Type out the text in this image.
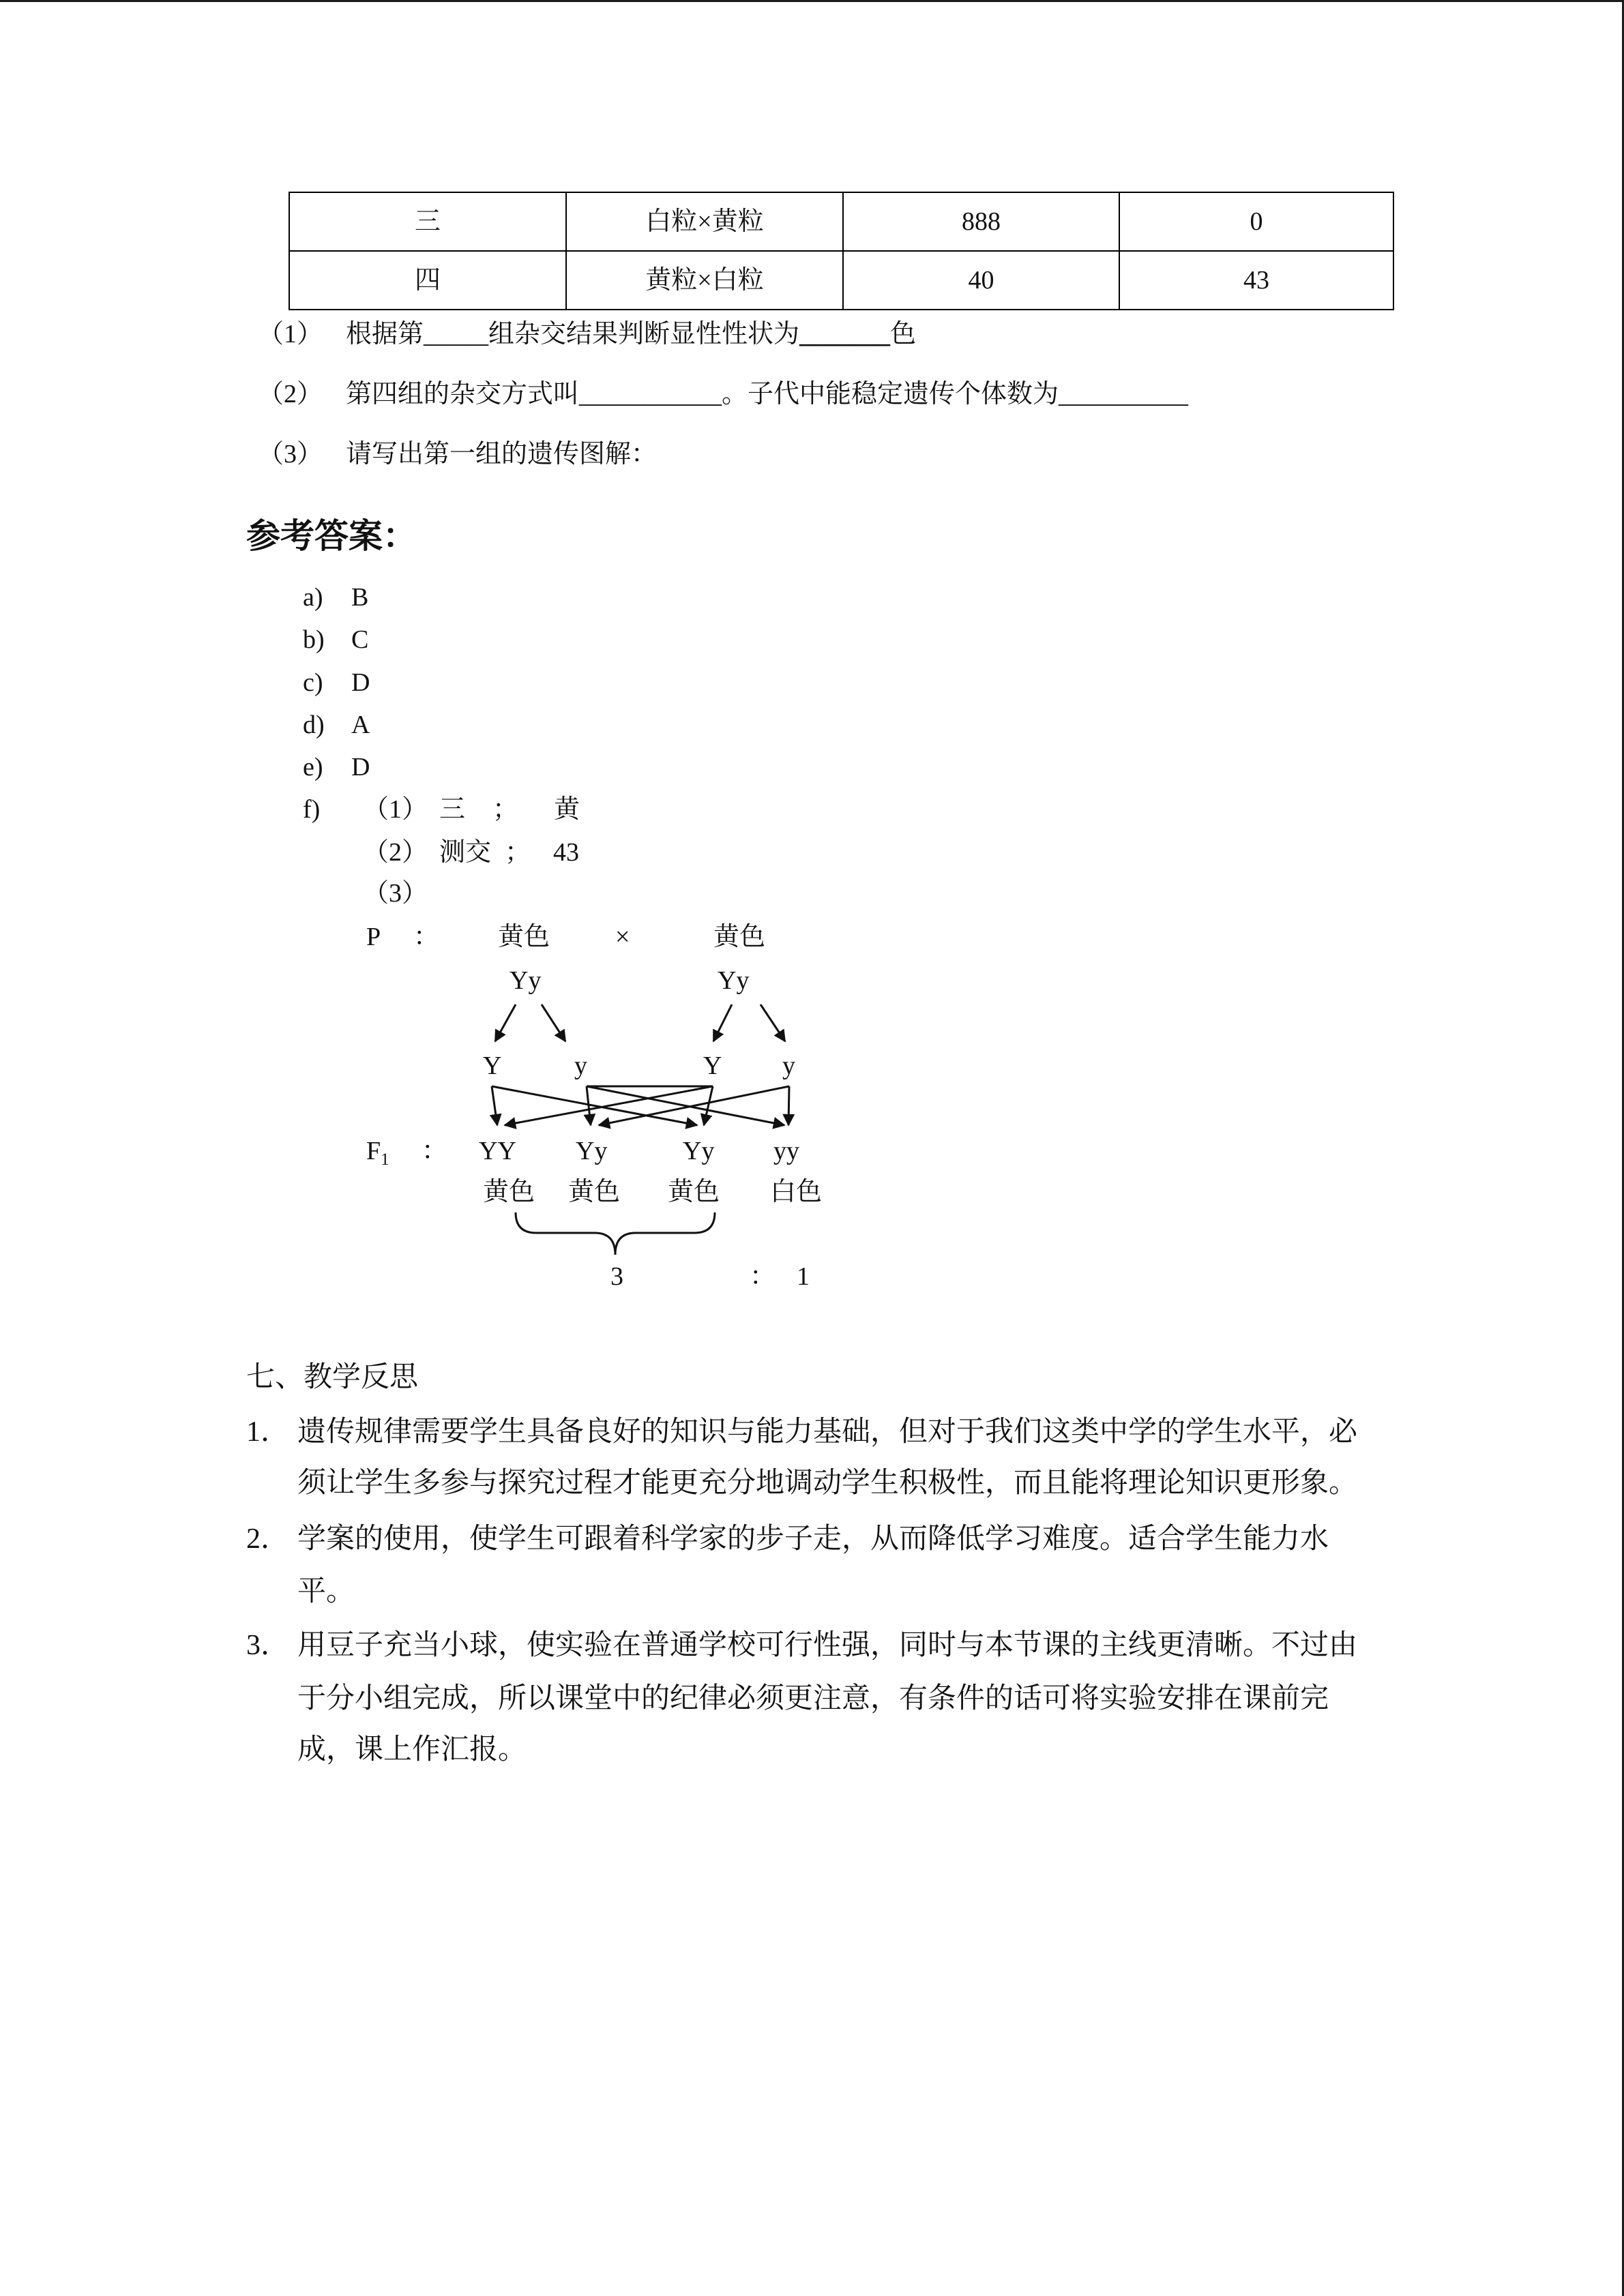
三	白粒×黄粒	888	0
四	黄粒×白粒	40	43
（1） 根据第_____组杂交结果判断显性性状为_______色
（2） 第四组的杂交方式叫___________。子代中能稳定遗传个体数为__________
（3） 请写出第一组的遗传图解：
参考答案：
a) B
b) C
c) D
d) A
e) D
f) （1） 三 ； 黄
（2） 测交 ； 43
（3）
P ： 黄色	×	黄色
Yy	Yy
Y	y	Y y
$F_1$ ： YY Yy	Yy yy
黄色 黄色 黄色 白色
3	： 1
七、教学反思
1． 遗传规律需要学生具备良好的知识与能力基础，但对于我们这类中学的学生水平，必
须让学生多参与探究过程才能更充分地调动学生积极性，而且能将理论知识更形象。
2． 学案的使用，使学生可跟着科学家的步子走，从而降低学习难度。适合学生能力水
平。
3． 用豆子充当小球，使实验在普通学校可行性强，同时与本节课的主线更清晰。不过由
于分小组完成，所以课堂中的纪律必须更注意，有条件的话可将实验安排在课前完
成，课上作汇报。
